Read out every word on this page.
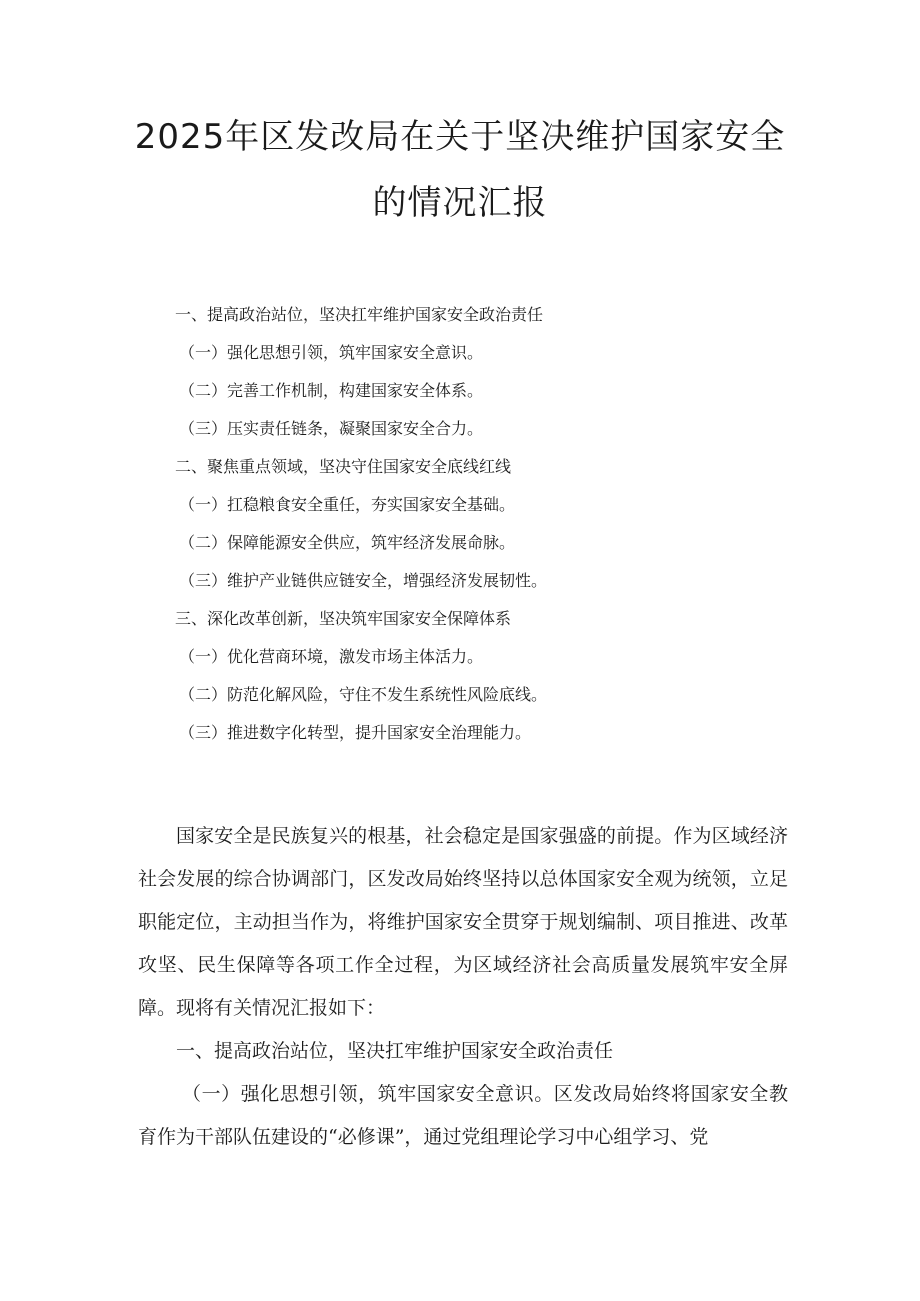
2025年区发改局在关于坚决维护国家安全
的情况汇报
一、提高政治站位，坚决扛牢维护国家安全政治责任
（一）强化思想引领，筑牢国家安全意识。
（二）完善工作机制，构建国家安全体系。
（三）压实责任链条，凝聚国家安全合力。
二、聚焦重点领域，坚决守住国家安全底线红线
（一）扛稳粮食安全重任，夯实国家安全基础。
（二）保障能源安全供应，筑牢经济发展命脉。
（三）维护产业链供应链安全，增强经济发展韧性。
三、深化改革创新，坚决筑牢国家安全保障体系
（一）优化营商环境，激发市场主体活力。
（二）防范化解风险，守住不发生系统性风险底线。
（三）推进数字化转型，提升国家安全治理能力。

国家安全是民族复兴的根基，社会稳定是国家强盛的前提。作为区域经济社会发展的综合协调部门，区发改局始终坚持以总体国家安全观为统领，立足职能定位，主动担当作为，将维护国家安全贯穿于规划编制、项目推进、改革攻坚、民生保障等各项工作全过程，为区域经济社会高质量发展筑牢安全屏障。现将有关情况汇报如下：

一、提高政治站位，坚决扛牢维护国家安全政治责任

（一）强化思想引领，筑牢国家安全意识。区发改局始终将国家安全教育作为干部队伍建设的“必修课”，通过党组理论学习中心组学习、党
